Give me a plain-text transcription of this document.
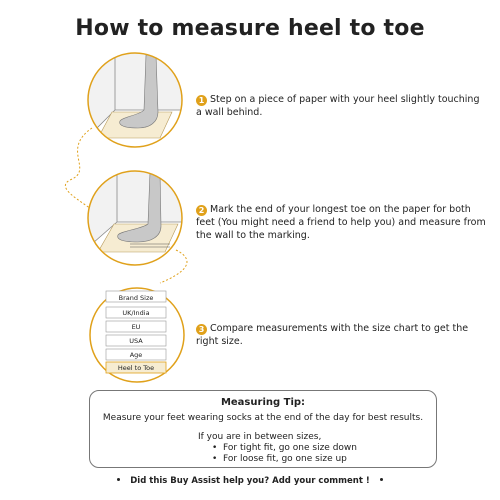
How to measure heel to toe
Brand Size
UK/India
EU
USA
Age
Heel to Toe
1 Step on a piece of paper with your heel slightly touching a wall behind.
2 Mark the end of your longest toe on the paper for both feet (You might need a friend to help you) and measure from the wall to the marking.
3 Compare measurements with the size chart to get the right size.
Measuring Tip:
Measure your feet wearing socks at the end of the day for best results.
If you are in between sizes,
•  For tight fit, go one size down
•  For loose fit, go one size up
Did this Buy Assist help you? Add your comment !
